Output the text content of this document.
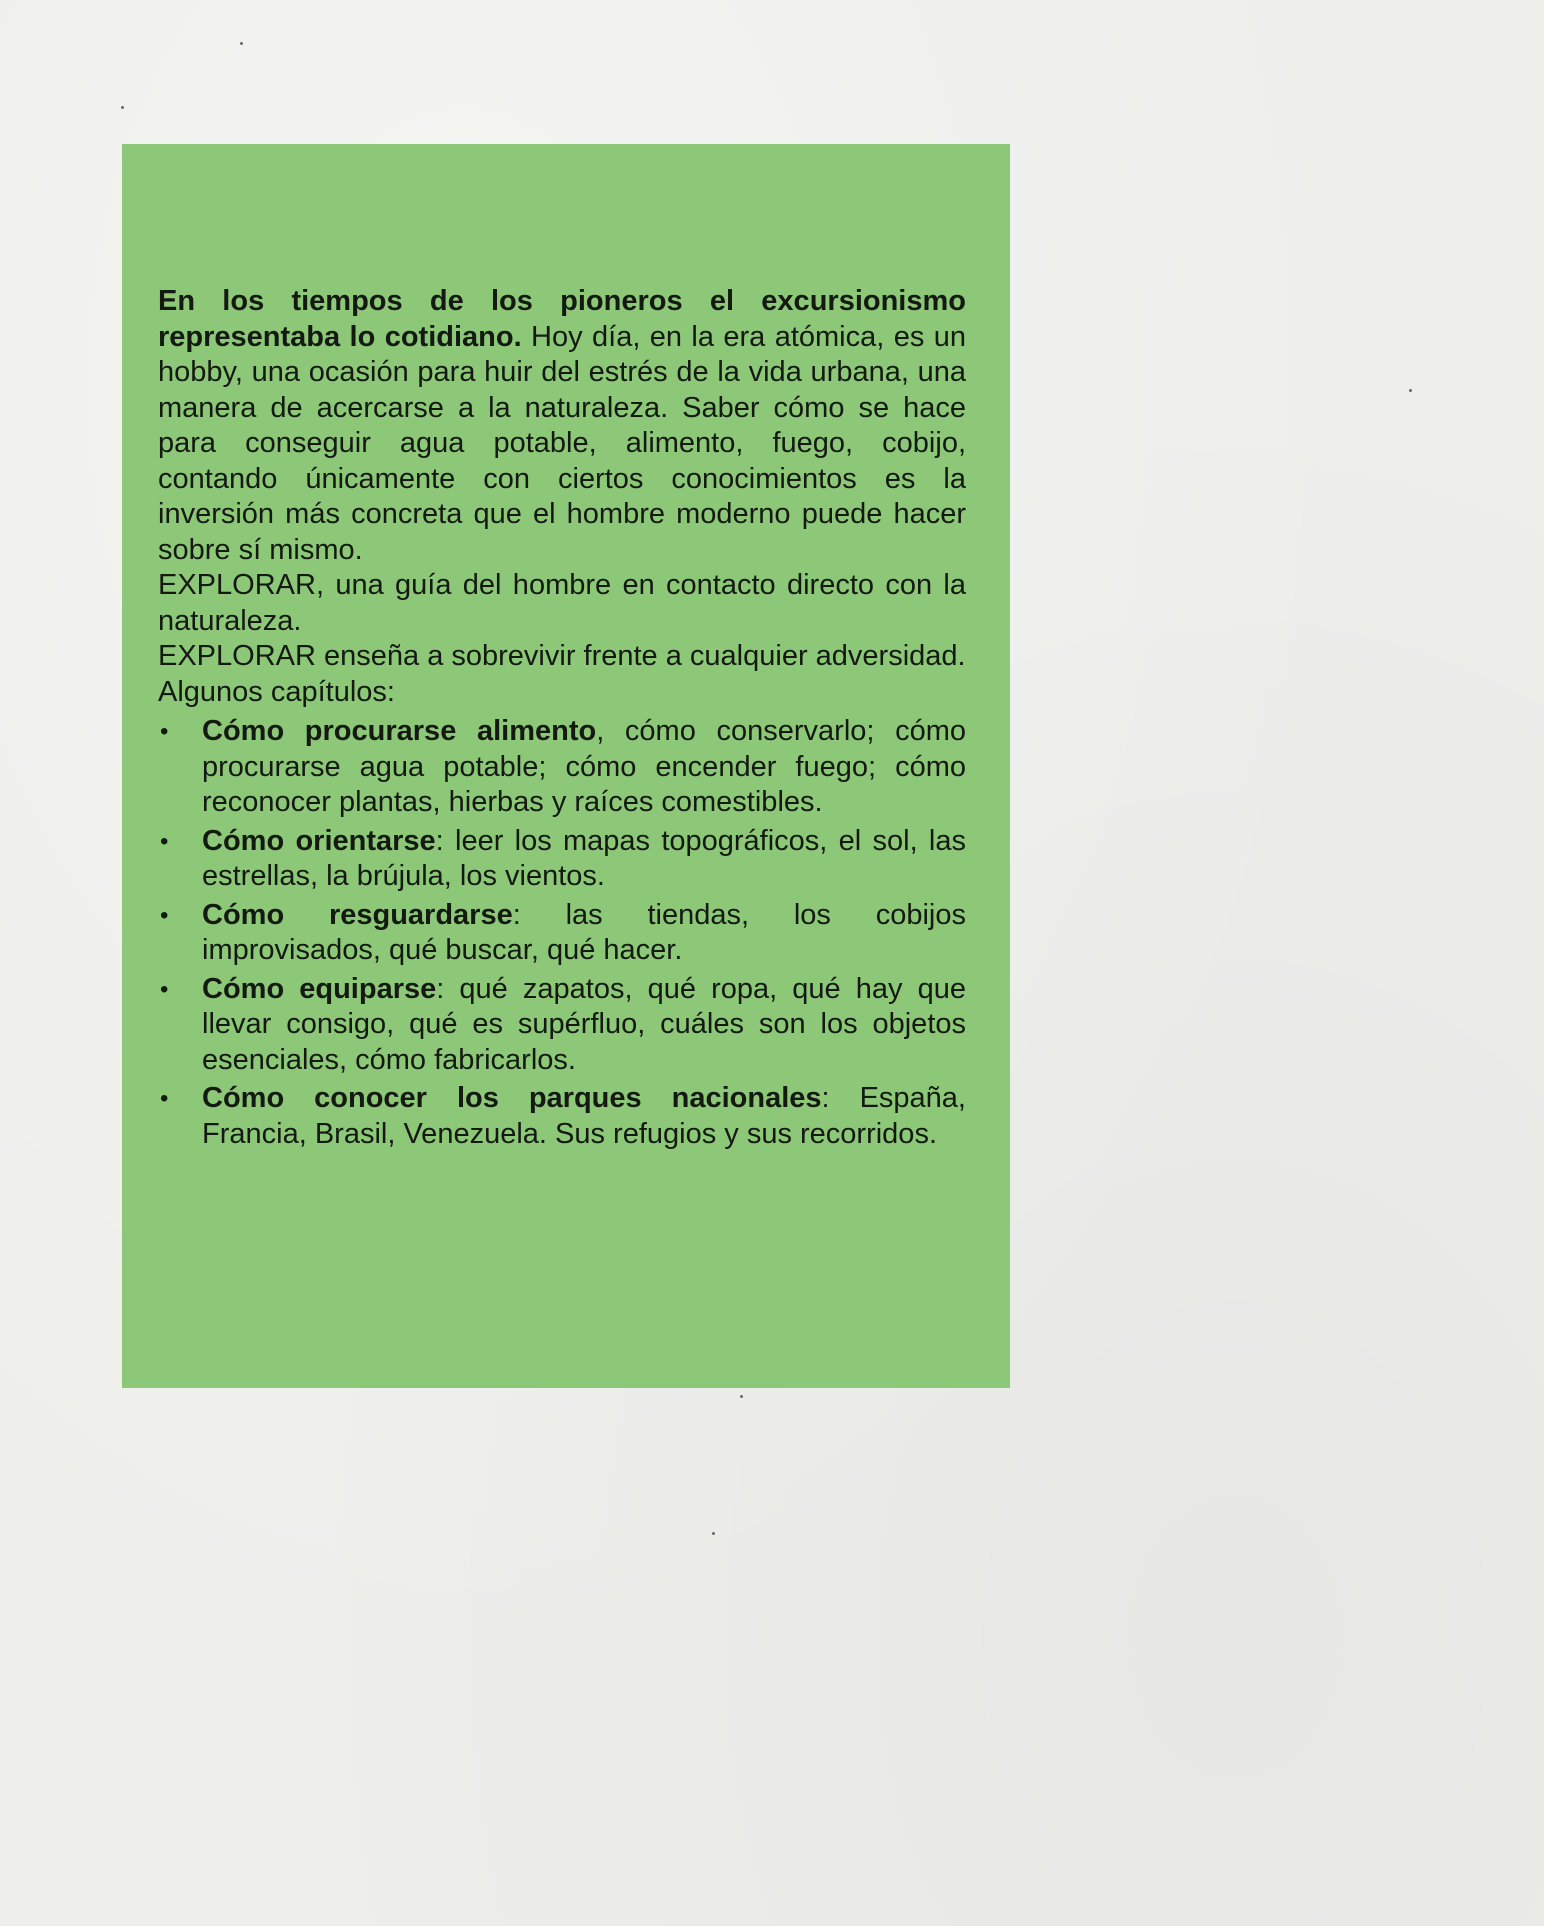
En los tiempos de los pioneros el excursionismo representaba lo cotidiano. Hoy día, en la era atómica, es un hobby, una ocasión para huir del estrés de la vida urbana, una manera de acercarse a la naturaleza. Saber cómo se hace para conseguir agua potable, alimento, fuego, cobijo, contando únicamente con ciertos conocimientos es la inversión más concreta que el hombre moderno puede hacer sobre sí mismo.

EXPLORAR, una guía del hombre en contacto directo con la naturaleza.

EXPLORAR enseña a sobrevivir frente a cualquier adversidad.

Algunos capítulos:

• Cómo procurarse alimento, cómo conservarlo; cómo procurarse agua potable; cómo encender fuego; cómo reconocer plantas, hierbas y raíces comestibles.
• Cómo orientarse: leer los mapas topográficos, el sol, las estrellas, la brújula, los vientos.
• Cómo resguardarse: las tiendas, los cobijos improvisados, qué buscar, qué hacer.
• Cómo equiparse: qué zapatos, qué ropa, qué hay que llevar consigo, qué es supérfluo, cuáles son los objetos esenciales, cómo fabricarlos.
• Cómo conocer los parques nacionales: España, Francia, Brasil, Venezuela. Sus refugios y sus recorridos.
